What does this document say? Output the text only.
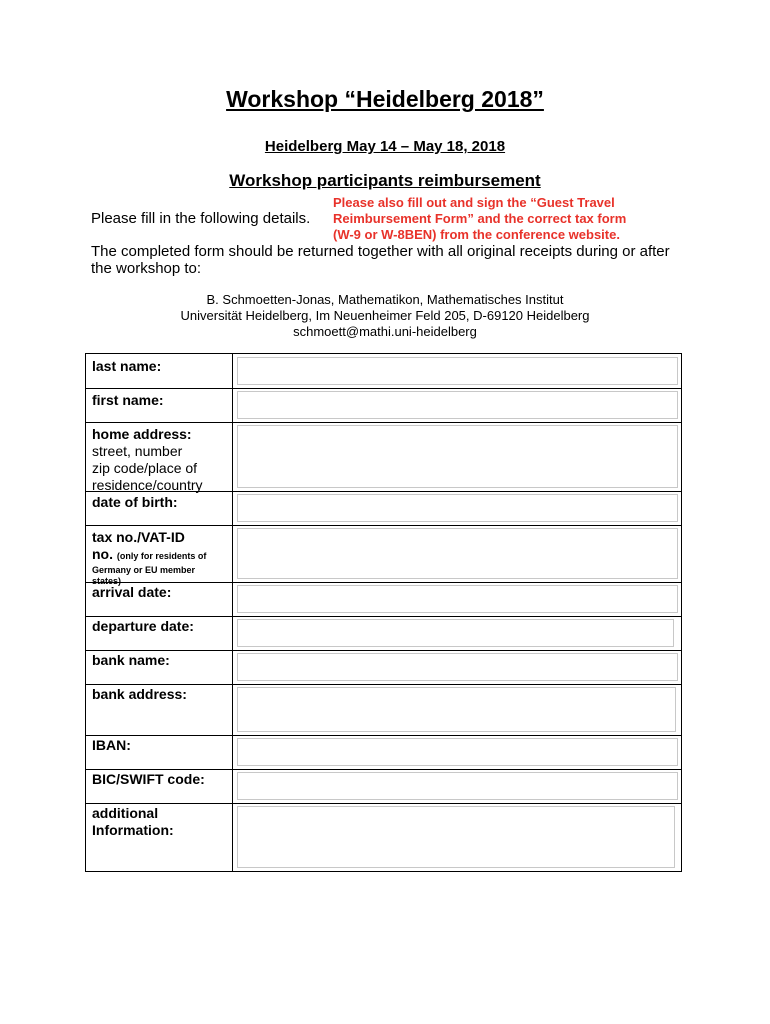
Workshop “Heidelberg 2018”
Heidelberg May 14 – May 18, 2018
Workshop participants reimbursement
Please fill in the following details.
Please also fill out and sign the “Guest Travel
Reimbursement Form” and the correct tax form
(W-9 or W-8BEN) from the conference website.
The completed form should be returned together with all original receipts during or after the workshop to:
B. Schmoetten-Jonas, Mathematikon, Mathematisches Institut
Universität Heidelberg, Im Neuenheimer Feld 205, D-69120 Heidelberg
schmoett@mathi.uni-heidelberg
last name:
first name:
home address:
street, number
zip code/place of
residence/country
date of birth:
tax no./VAT-ID
no. (only for residents of
Germany or EU member
states)
arrival date:
departure date:
bank name:
bank address:
IBAN:
BIC/SWIFT code:
additional
Information:
